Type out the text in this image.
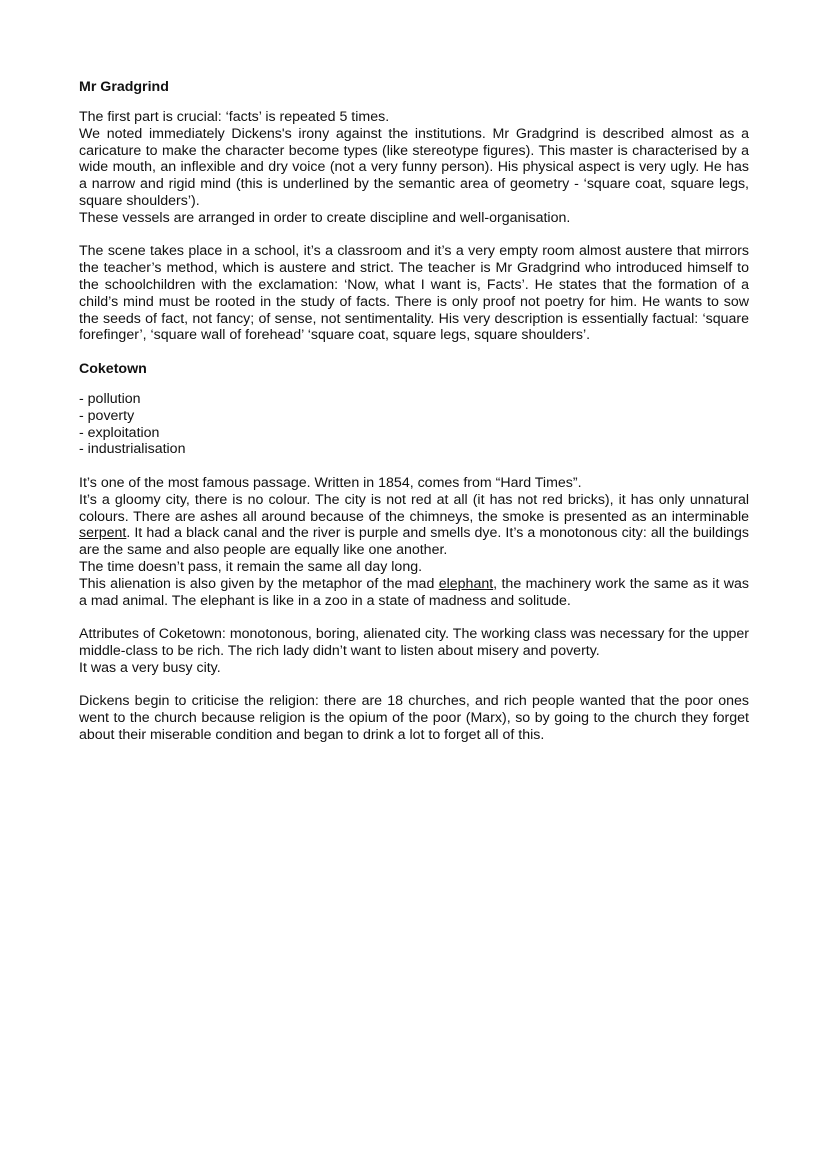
Mr Gradgrind

The first part is crucial: ‘facts’ is repeated 5 times.
We noted immediately Dickens's irony against the institutions. Mr Gradgrind is described almost as a caricature to make the character become types (like stereotype figures). This master is characterised by a wide mouth, an inflexible and dry voice (not a very funny person). His physical aspect is very ugly. He has a narrow and rigid mind (this is underlined by the semantic area of geometry - ‘square coat, square legs, square shoulders’).
These vessels are arranged in order to create discipline and well-organisation.

The scene takes place in a school, it’s a classroom and it’s a very empty room almost austere that mirrors the teacher’s method, which is austere and strict. The teacher is Mr Gradgrind who introduced himself to the schoolchildren with the exclamation: ‘Now, what I want is, Facts’. He states that the formation of a child’s mind must be rooted in the study of facts. There is only proof not poetry for him. He wants to sow the seeds of fact, not fancy; of sense, not sentimentality. His very description is essentially factual: ‘square forefinger’, ‘square wall of forehead’ ‘square coat, square legs, square shoulders’.

Coketown
- pollution
- poverty
- exploitation
- industrialisation

It’s one of the most famous passage. Written in 1854, comes from “Hard Times”.
It’s a gloomy city, there is no colour. The city is not red at all (it has not red bricks), it has only unnatural colours. There are ashes all around because of the chimneys, the smoke is presented as an interminable serpent. It had a black canal and the river is purple and smells dye. It’s a monotonous city: all the buildings are the same and also people are equally like one another.
The time doesn’t pass, it remain the same all day long.
This alienation is also given by the metaphor of the mad elephant, the machinery work the same as it was a mad animal. The elephant is like in a zoo in a state of madness and solitude.

Attributes of Coketown: monotonous, boring, alienated city. The working class was necessary for the upper middle-class to be rich. The rich lady didn’t want to listen about misery and poverty.
It was a very busy city.

Dickens begin to criticise the religion: there are 18 churches, and rich people wanted that the poor ones went to the church because religion is the opium of the poor (Marx), so by going to the church they forget about their miserable condition and began to drink a lot to forget all of this.
